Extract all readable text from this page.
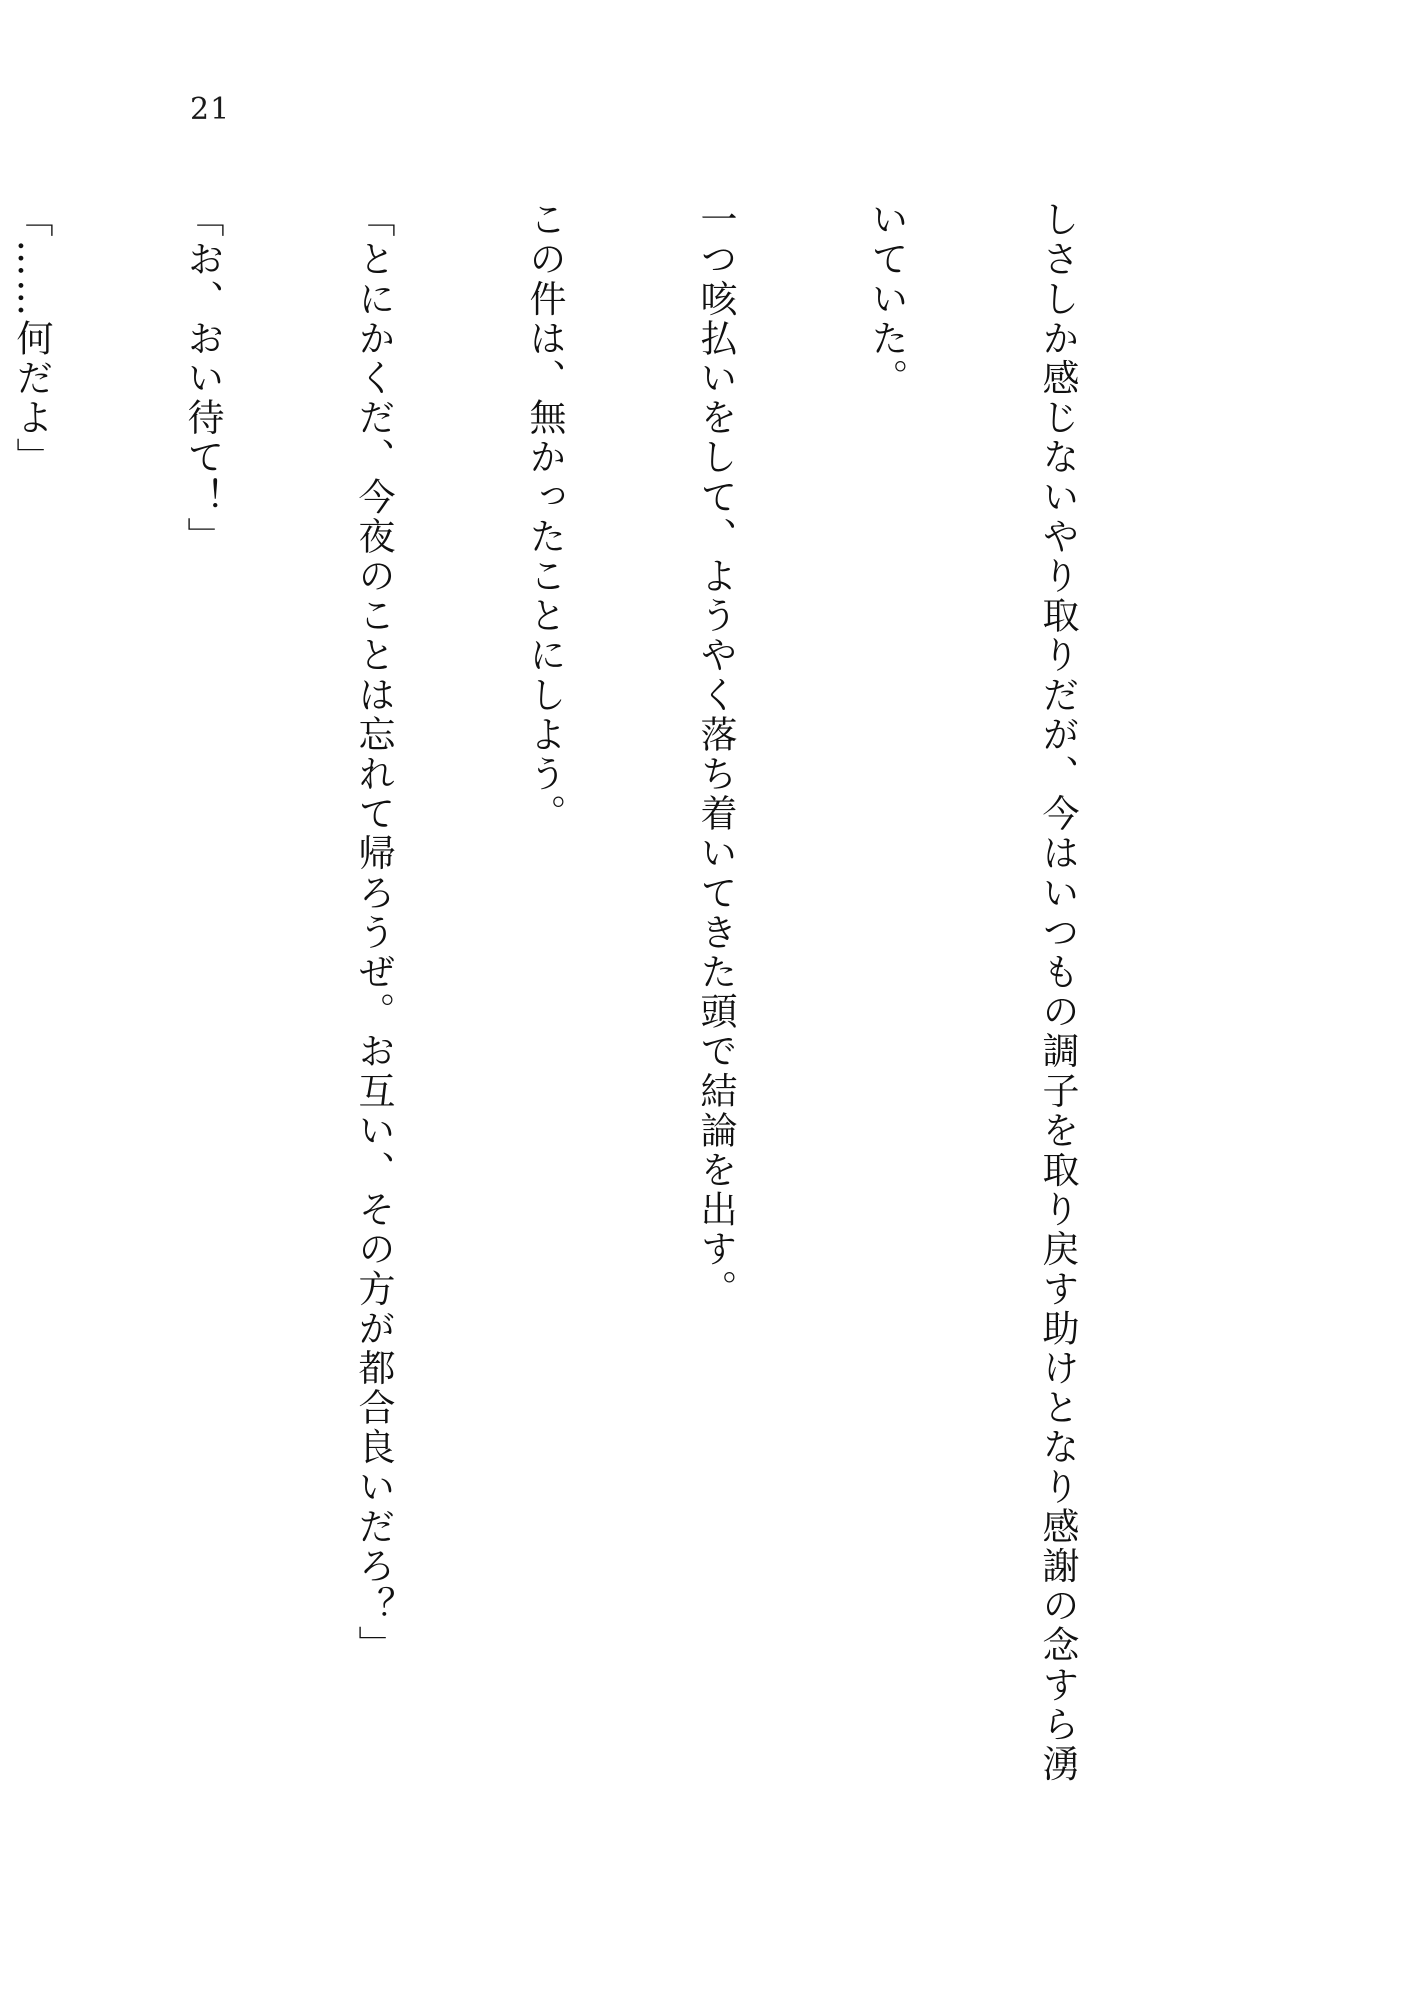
21

しさしか感じないやり取りだが、今はいつもの調子を取り戻す助けとなり感謝の念すら湧

いていた。

一つ咳払いをして、ようやく落ち着いてきた頭で結論を出す。

この件は、無かったことにしよう。

「とにかくだ、今夜のことは忘れて帰ろうぜ。お互い、その方が都合良いだろ？」

「お、おい待て！」

「……何だよ」
